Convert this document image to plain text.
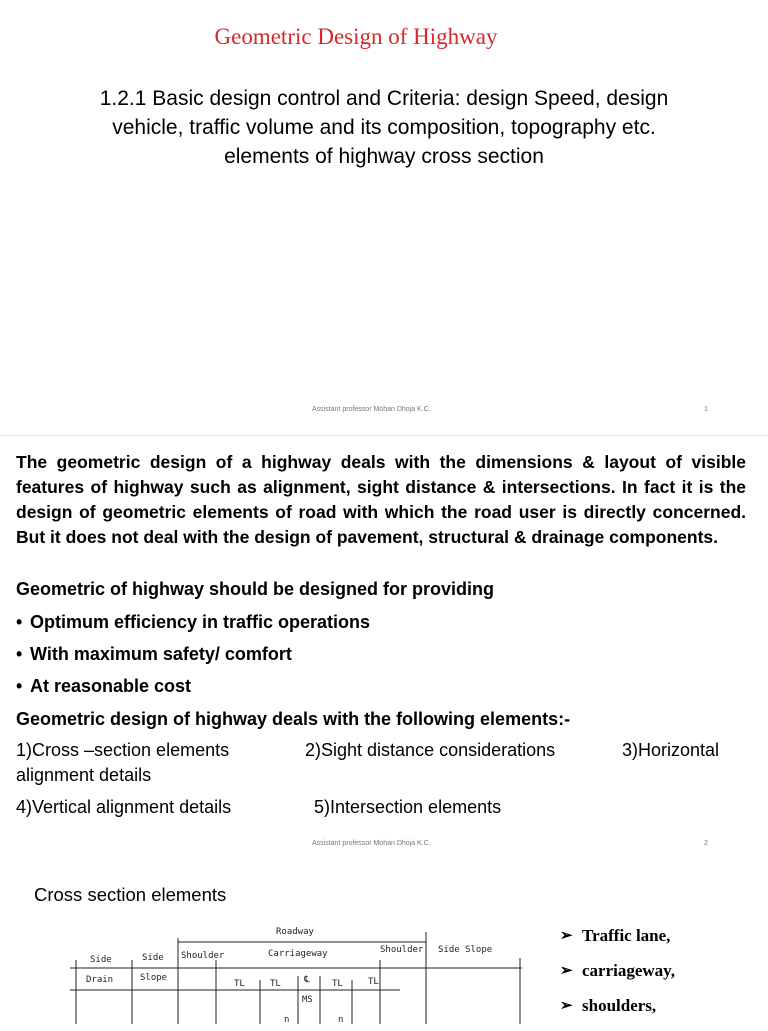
Geometric Design of Highway
1.2.1 Basic design control and Criteria: design Speed, design
vehicle, traffic volume and its composition, topography etc.
elements of highway cross section
Assistant professor Mohan Dhoja K.C.	1
The geometric design of a highway deals with the dimensions & layout of visible features of highway such as alignment, sight distance & intersections. In fact it is the design of geometric elements of road with which the road user is directly concerned. But it does not deal with the design of pavement, structural & drainage components.
Geometric of highway should be designed for providing
• Optimum efficiency in traffic operations
• With maximum safety/ comfort
• At reasonable cost
Geometric design of highway deals with the following elements:-
1)Cross –section elements	2)Sight distance considerations	3)Horizontal
alignment details
4)Vertical alignment details	5)Intersection elements
Assistant professor Mohan Dhoja K.C.	2
Cross section elements
Roadway
Side
Drain
Side
Slope
Shoulder	Carriageway	Shoulder Side Slope
TL	TL	TL	TL
MS
℄
n	n
➢ Traffic lane,
➢ carriageway,
➢ shoulders,
